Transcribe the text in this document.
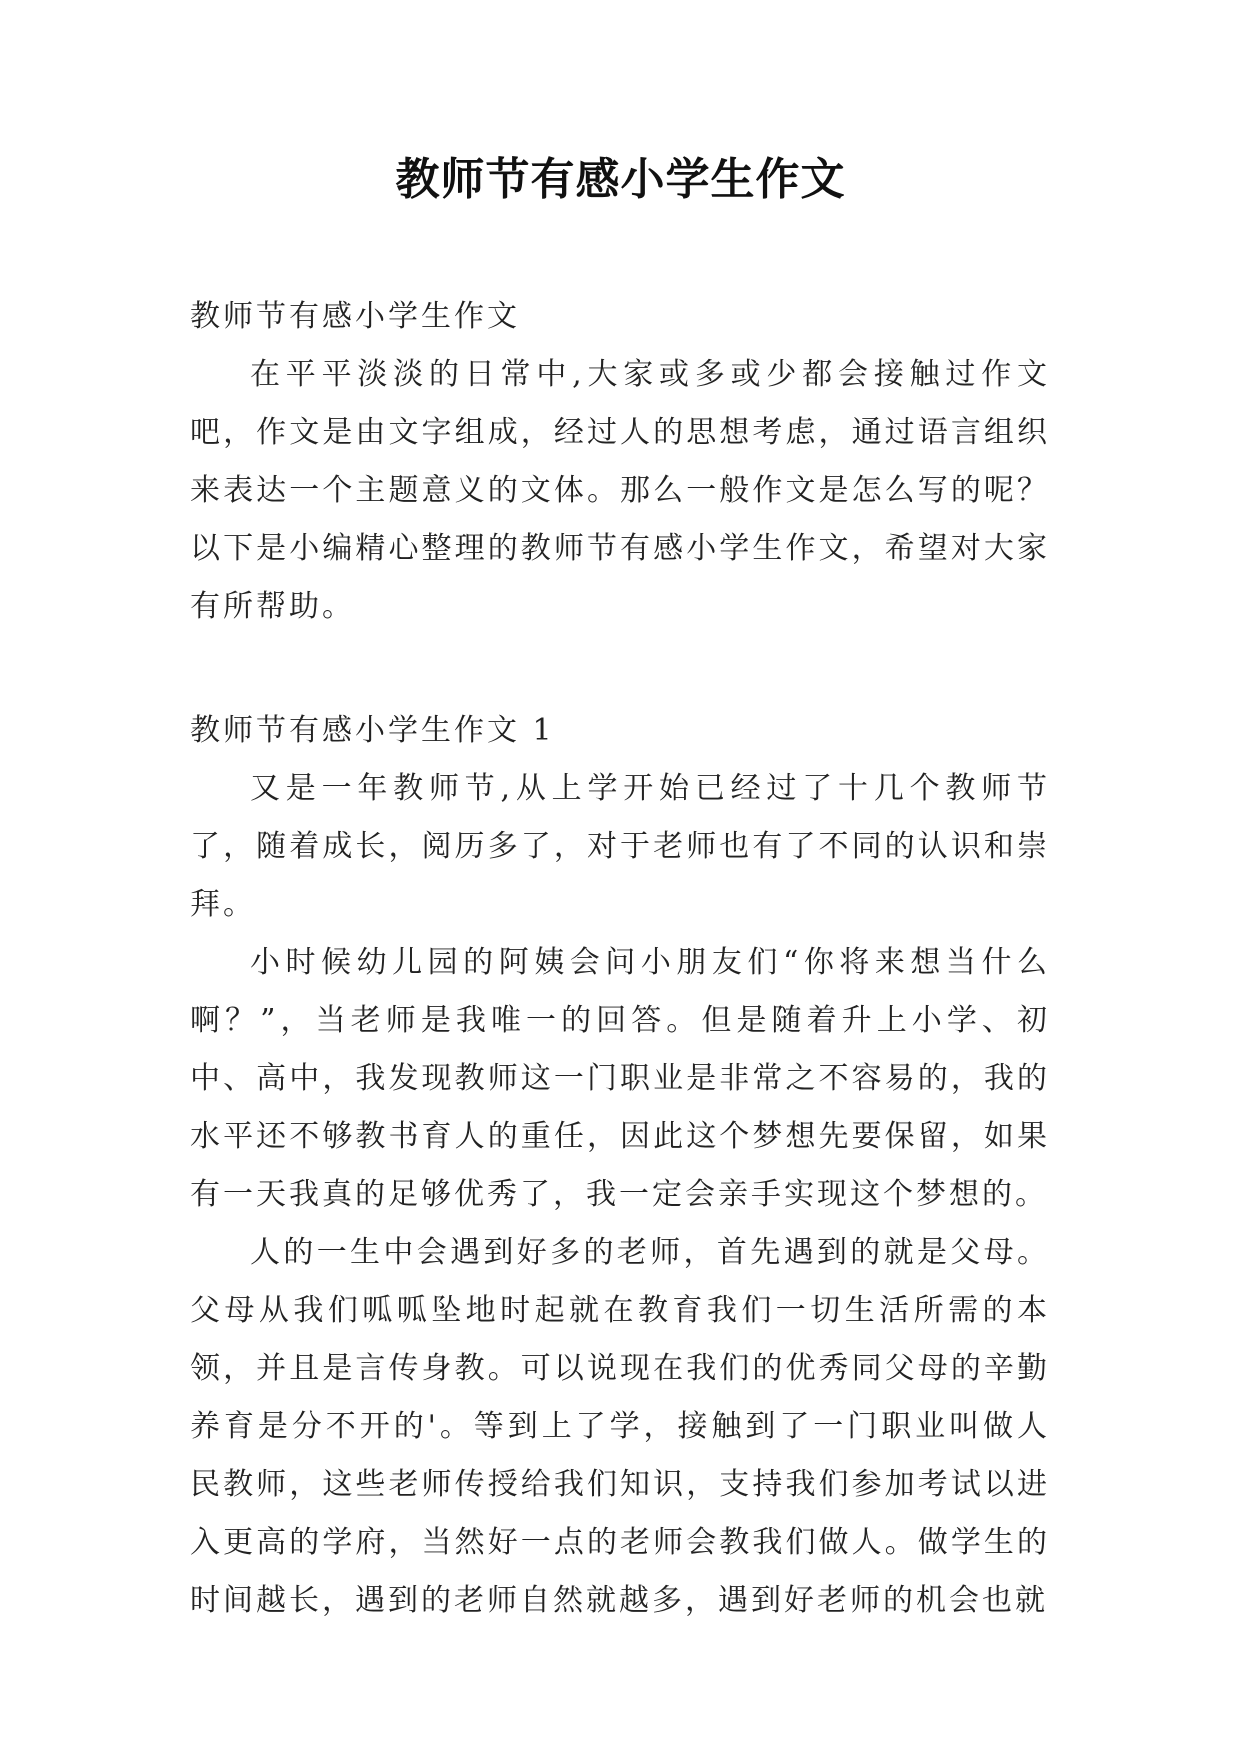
教师节有感小学生作文
教师节有感小学生作文

在平平淡淡的日常中,大家或多或少都会接触过作文吧，作文是由文字组成，经过人的思想考虑，通过语言组织来表达一个主题意义的文体。那么一般作文是怎么写的呢？以下是小编精心整理的教师节有感小学生作文，希望对大家有所帮助。

教师节有感小学生作文 1

又是一年教师节,从上学开始已经过了十几个教师节了，随着成长，阅历多了，对于老师也有了不同的认识和崇拜。

小时候幼儿园的阿姨会问小朋友们“你将来想当什么啊？”，当老师是我唯一的回答。但是随着升上小学、初中、高中，我发现教师这一门职业是非常之不容易的，我的水平还不够教书育人的重任，因此这个梦想先要保留，如果有一天我真的足够优秀了，我一定会亲手实现这个梦想的。

人的一生中会遇到好多的老师，首先遇到的就是父母。父母从我们呱呱坠地时起就在教育我们一切生活所需的本领，并且是言传身教。可以说现在我们的优秀同父母的辛勤养育是分不开的'。等到上了学，接触到了一门职业叫做人民教师，这些老师传授给我们知识，支持我们参加考试以进入更高的学府，当然好一点的老师会教我们做人。做学生的时间越长，遇到的老师自然就越多，遇到好老师的机会也就
